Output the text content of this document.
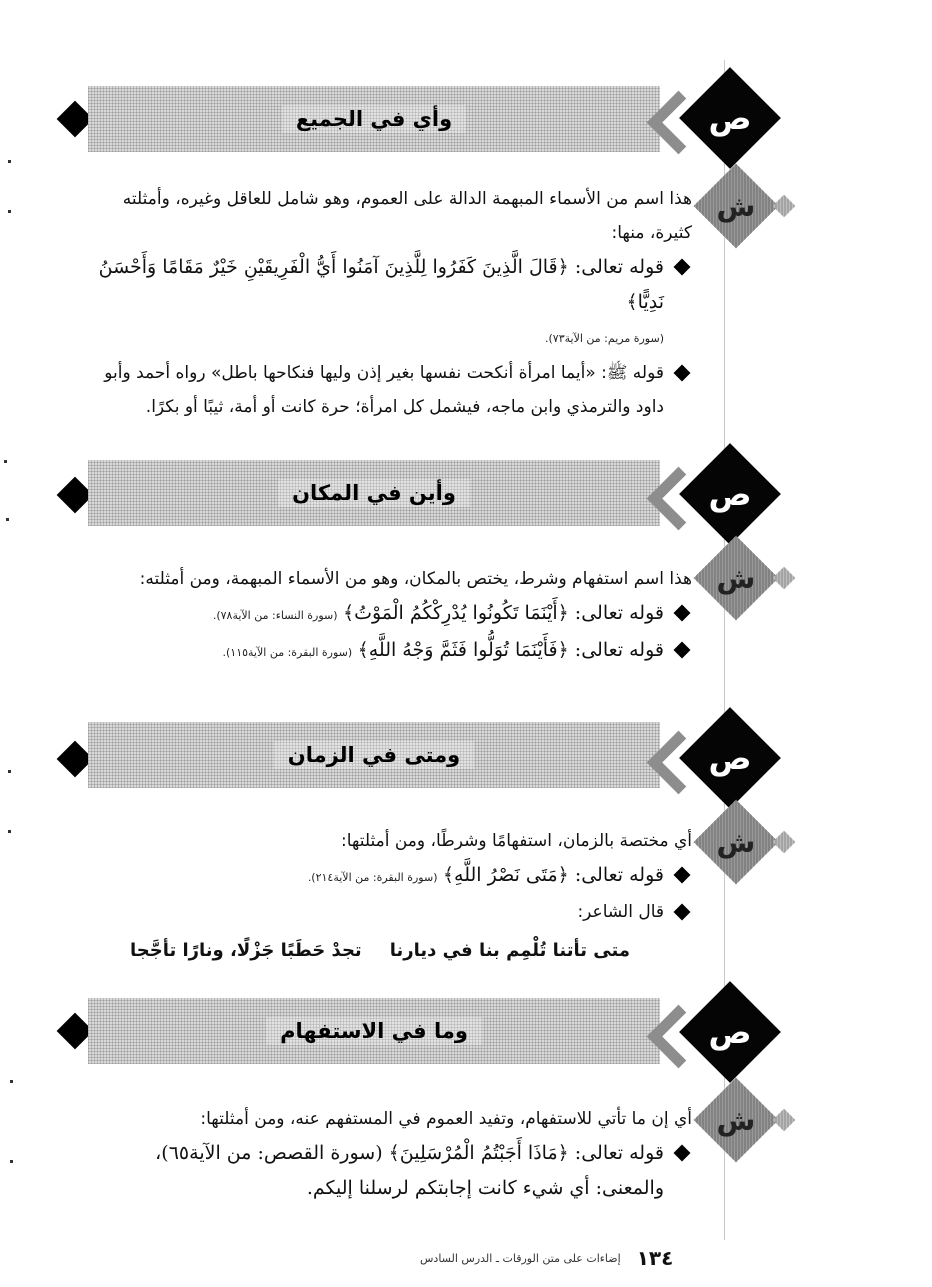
وأي في الجميع	ص
ش

هذا اسم من الأسماء المبهمة الدالة على العموم، وهو شامل للعاقل وغيره، وأمثلته كثيرة، منها:

قوله تعالى: ﴿قَالَ الَّذِينَ كَفَرُوا لِلَّذِينَ آمَنُوا أَيُّ الْفَرِيقَيْنِ خَيْرٌ مَقَامًا وَأَحْسَنُ نَدِيًّا﴾

(سورة مريم: من الآية٧٣).

قوله ﷺ: «أيما امرأة أنكحت نفسها بغير إذن وليها فنكاحها باطل» رواه أحمد وأبو داود والترمذي وابن ماجه، فيشمل كل امرأة؛ حرة كانت أو أمة، ثيبًا أو بكرًا.

وأين في المكان	ص
ش

هذا اسم استفهام وشرط، يختص بالمكان، وهو من الأسماء المبهمة، ومن أمثلته:

قوله تعالى: ﴿أَيْنَمَا تَكُونُوا يُدْرِكْكُمُ الْمَوْتُ﴾ (سورة النساء: من الآية٧٨).

قوله تعالى: ﴿فَأَيْنَمَا تُوَلُّوا فَثَمَّ وَجْهُ اللَّهِ﴾ (سورة البقرة: من الآية١١٥).

ومتى في الزمان	ص
ش

أي مختصة بالزمان، استفهامًا وشرطًا، ومن أمثلتها:

قوله تعالى: ﴿مَتَى نَصْرُ اللَّهِ﴾ (سورة البقرة: من الآية٢١٤).

قال الشاعر:

متى تأتنا تُلْمِم بنا في ديارنا
تجدْ حَطَبًا جَزْلًا، ونارًا تأجَّجا
وما في الاستفهام	ص
ش

أي إن ما تأتي للاستفهام، وتفيد العموم في المستفهم عنه، ومن أمثلتها:

قوله تعالى: ﴿مَاذَا أَجَبْتُمُ الْمُرْسَلِينَ﴾ (سورة القصص: من الآية٦٥)، والمعنى: أي شيء كانت إجابتكم لرسلنا إليكم.

١٣٤
إضاءات على متن الورقات ـ الدرس السادس
